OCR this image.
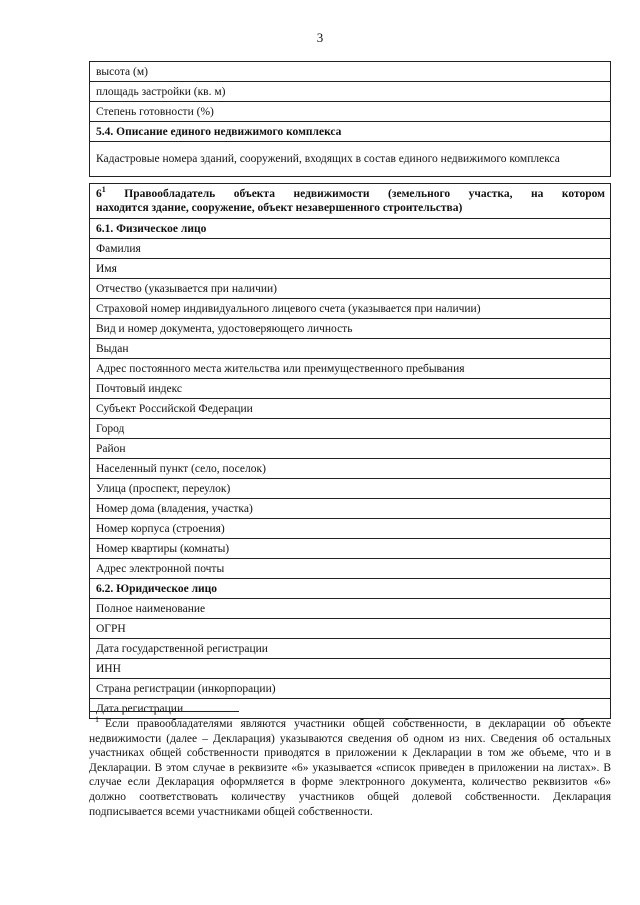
3
высота (м)
площадь застройки (кв. м)
Степень готовности (%)
5.4. Описание единого недвижимого комплекса
Кадастровые номера зданий, сооружений, входящих в состав единого недвижимого комплекса
$6^1$ Правообладатель объекта недвижимости (земельного участка, на котором
находится здание, сооружение, объект незавершенного строительства)

6.1. Физическое лицо
Фамилия
Имя
Отчество (указывается при наличии)
Страховой номер индивидуального лицевого счета (указывается при наличии)
Вид и номер документа, удостоверяющего личность
Выдан
Адрес постоянного места жительства или преимущественного пребывания
Почтовый индекс
Субъект Российской Федерации
Город
Район
Населенный пункт (село, поселок)
Улица (проспект, переулок)
Номер дома (владения, участка)
Номер корпуса (строения)
Номер квартиры (комнаты)
Адрес электронной почты
6.2. Юридическое лицо
Полное наименование
ОГРН
Дата государственной регистрации
ИНН
Страна регистрации (инкорпорации)
Дата регистрации
$^1$ Если правообладателями являются участники общей собственности, в декларации об объекте недвижимости (далее – Декларация) указываются сведения об одном из них. Сведения об остальных участниках общей собственности приводятся в приложении к Декларации в том же объеме, что и в Декларации. В этом случае в реквизите «6» указывается «список приведен в приложении на листах». В случае если Декларация оформляется в форме электронного документа, количество реквизитов «6» должно соответствовать количеству участников общей долевой собственности. Декларация подписывается всеми участниками общей собственности.
